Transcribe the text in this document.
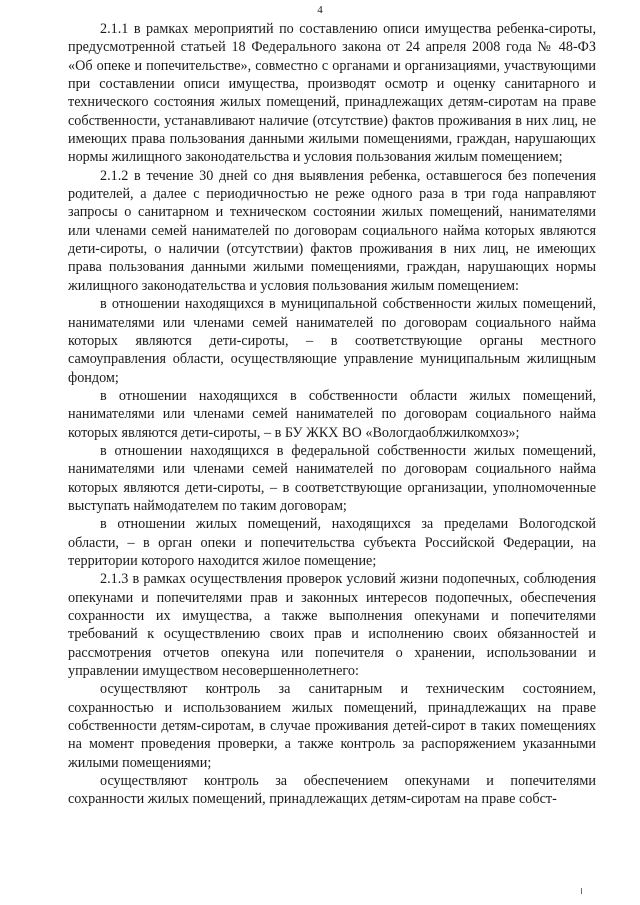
4

2.1.1 в рамках мероприятий по составлению описи имущества ребенка-сироты, предусмотренной статьей 18 Федерального закона от 24 апреля 2008 года № 48-ФЗ «Об опеке и попечительстве», совместно с органами и организациями, участвующими при составлении описи имущества, производят осмотр и оценку санитарного и технического состояния жилых помещений, принадлежащих детям-сиротам на праве собственности, устанавливают наличие (отсутствие) фактов проживания в них лиц, не имеющих права пользования данными жилыми помещениями, граждан, нарушающих нормы жилищного законодательства и условия пользования жилым помещением;

2.1.2 в течение 30 дней со дня выявления ребенка, оставшегося без попечения родителей, а далее с периодичностью не реже одного раза в три года направляют запросы о санитарном и техническом состоянии жилых помещений, нанимателями или членами семей нанимателей по договорам социального найма которых являются дети-сироты, о наличии (отсутствии) фактов проживания в них лиц, не имеющих права пользования данными жилыми помещениями, граждан, нарушающих нормы жилищного законодательства и условия пользования жилым помещением:

в отношении находящихся в муниципальной собственности жилых помещений, нанимателями или членами семей нанимателей по договорам социального найма которых являются дети-сироты, – в соответствующие органы местного самоуправления области, осуществляющие управление муниципальным жилищным фондом;

в отношении находящихся в собственности области жилых помещений, нанимателями или членами семей нанимателей по договорам социального найма которых являются дети-сироты, – в БУ ЖКХ ВО «Вологдаоблжилкомхоз»;

в отношении находящихся в федеральной собственности жилых помещений, нанимателями или членами семей нанимателей по договорам социального найма которых являются дети-сироты, – в соответствующие организации, уполномоченные выступать наймодателем по таким договорам;

в отношении жилых помещений, находящихся за пределами Вологодской области, – в орган опеки и попечительства субъекта Российской Федерации, на территории которого находится жилое помещение;

2.1.3 в рамках осуществления проверок условий жизни подопечных, соблюдения опекунами и попечителями прав и законных интересов подопечных, обеспечения сохранности их имущества, а также выполнения опекунами и попечителями требований к осуществлению своих прав и исполнению своих обязанностей и рассмотрения отчетов опекуна или попечителя о хранении, использовании и управлении имуществом несовершеннолетнего:

осуществляют контроль за санитарным и техническим состоянием, сохранностью и использованием жилых помещений, принадлежащих на праве собственности детям-сиротам, в случае проживания детей-сирот в таких помещениях на момент проведения проверки, а также контроль за распоряжением указанными жилыми помещениями;

осуществляют контроль за обеспечением опекунами и попечителями сохранности жилых помещений, принадлежащих детям-сиротам на праве собст-
